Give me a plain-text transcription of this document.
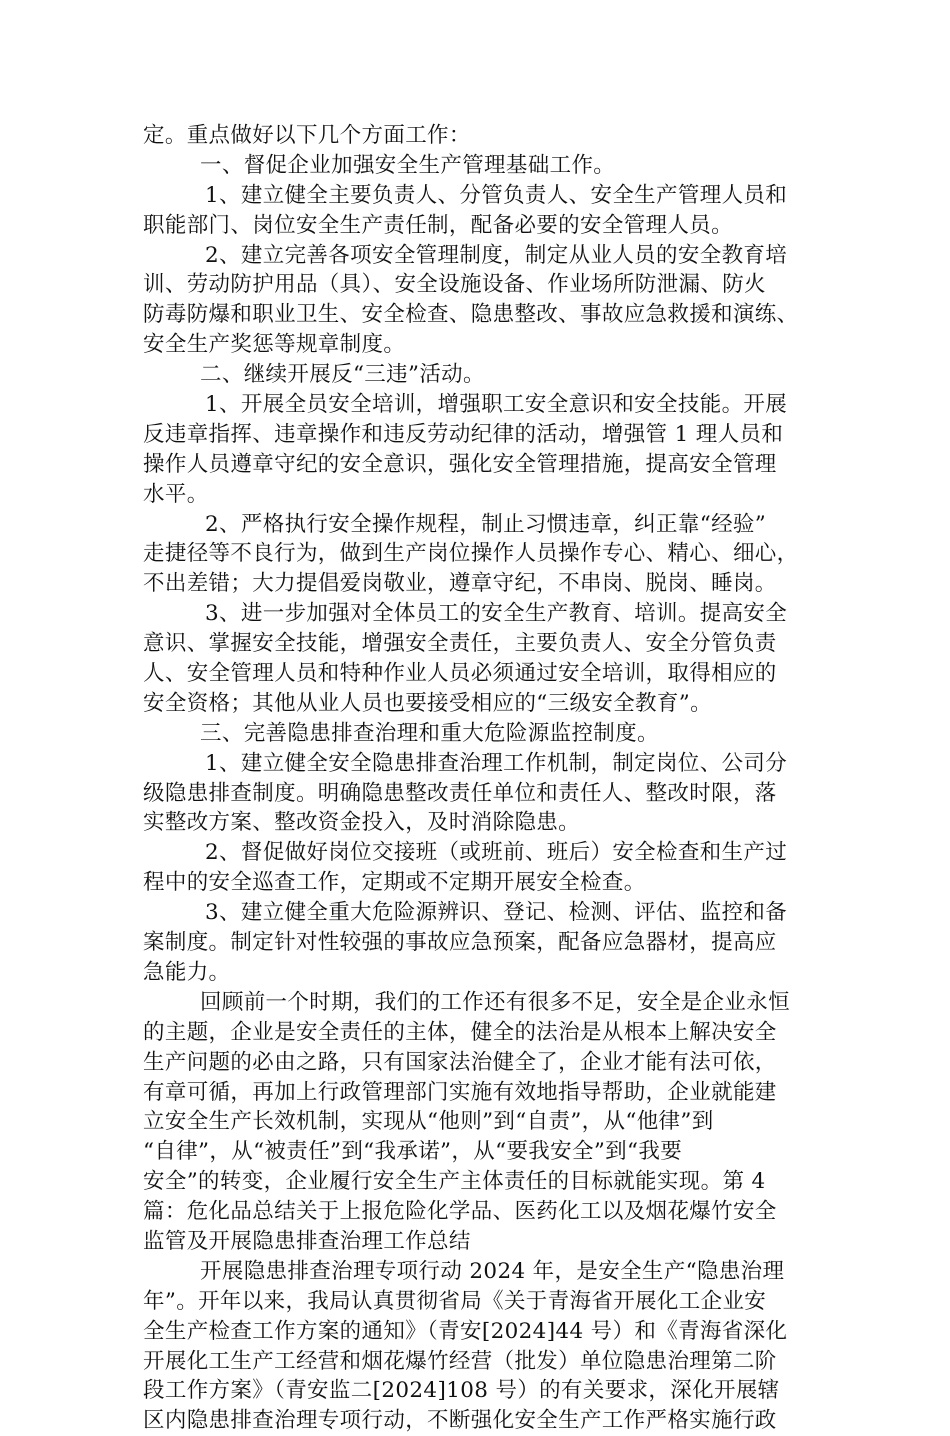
定。重点做好以下几个方面工作：
一、督促企业加强安全生产管理基础工作。
1、建立健全主要负责人、分管负责人、安全生产管理人员和
职能部门、岗位安全生产责任制，配备必要的安全管理人员。
2、建立完善各项安全管理制度，制定从业人员的安全教育培
训、劳动防护用品（具）、安全设施设备、作业场所防泄漏、防火
防毒防爆和职业卫生、安全检查、隐患整改、事故应急救援和演练、
安全生产奖惩等规章制度。
二、继续开展反“三违”活动。
1、开展全员安全培训，增强职工安全意识和安全技能。开展
反违章指挥、违章操作和违反劳动纪律的活动，增强管 1 理人员和
操作人员遵章守纪的安全意识，强化安全管理措施，提高安全管理
水平。
2、严格执行安全操作规程，制止习惯违章，纠正靠“经验”
走捷径等不良行为，做到生产岗位操作人员操作专心、精心、细心，
不出差错；大力提倡爱岗敬业，遵章守纪，不串岗、脱岗、睡岗。
3、进一步加强对全体员工的安全生产教育、培训。提高安全
意识、掌握安全技能，增强安全责任，主要负责人、安全分管负责
人、安全管理人员和特种作业人员必须通过安全培训，取得相应的
安全资格；其他从业人员也要接受相应的“三级安全教育”。
三、完善隐患排查治理和重大危险源监控制度。
1、建立健全安全隐患排查治理工作机制，制定岗位、公司分
级隐患排查制度。明确隐患整改责任单位和责任人、整改时限，落
实整改方案、整改资金投入，及时消除隐患。
2、督促做好岗位交接班（或班前、班后）安全检查和生产过
程中的安全巡查工作，定期或不定期开展安全检查。
3、建立健全重大危险源辨识、登记、检测、评估、监控和备
案制度。制定针对性较强的事故应急预案，配备应急器材，提高应
急能力。
回顾前一个时期，我们的工作还有很多不足，安全是企业永恒
的主题，企业是安全责任的主体，健全的法治是从根本上解决安全
生产问题的必由之路，只有国家法治健全了，企业才能有法可依，
有章可循，再加上行政管理部门实施有效地指导帮助，企业就能建
立安全生产长效机制，实现从“他则”到“自责”，从“他律”到
“自律”，从“被责任”到“我承诺”，从“要我安全”到“我要
安全”的转变，企业履行安全生产主体责任的目标就能实现。第 4
篇：危化品总结关于上报危险化学品、医药化工以及烟花爆竹安全
监管及开展隐患排查治理工作总结
开展隐患排查治理专项行动 2024 年，是安全生产“隐患治理
年”。开年以来，我局认真贯彻省局《关于青海省开展化工企业安
全生产检查工作方案的通知》（青安[2024]44 号）和《青海省深化
开展化工生产工经营和烟花爆竹经营（批发）单位隐患治理第二阶
段工作方案》（青安监二[2024]108 号）的有关要求，深化开展辖
区内隐患排查治理专项行动，不断强化安全生产工作严格实施行政
